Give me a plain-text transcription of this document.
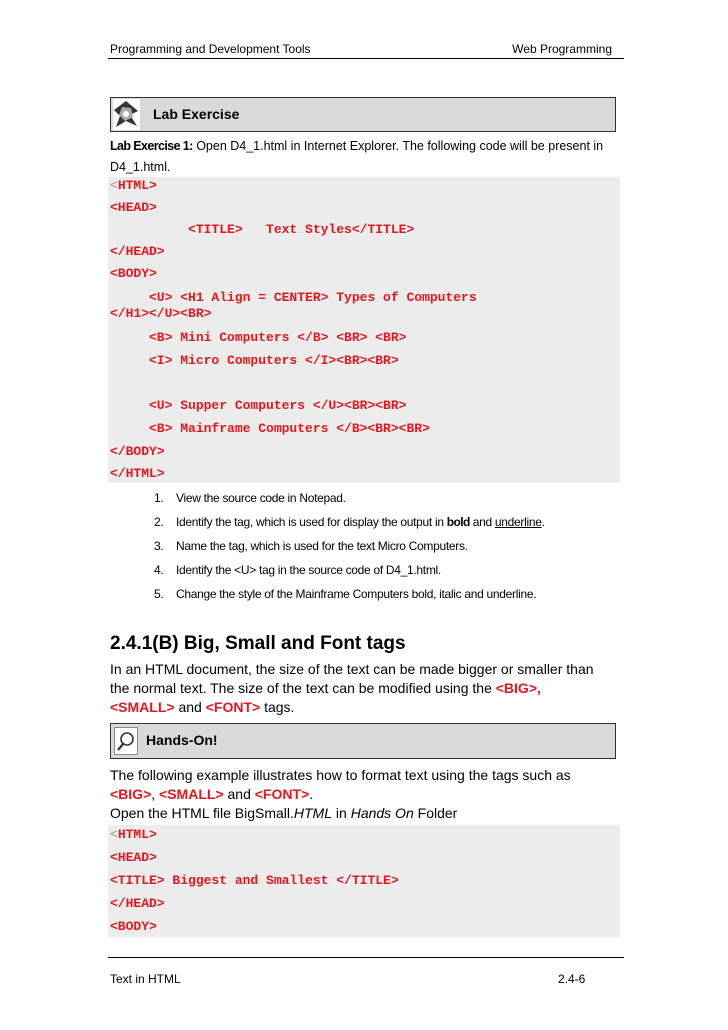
Programming and Development Tools	Web Programming
Lab Exercise
Lab Exercise 1: Open D4_1.html in Internet Explorer. The following code will be present in
D4_1.html.
<HTML>
<HEAD>
<TITLE>   Text Styles</TITLE>
</HEAD>
<BODY>
<U> <H1 Align = CENTER> Types of Computers
</H1></U><BR>
<B> Mini Computers </B> <BR> <BR>
<I> Micro Computers </I><BR><BR>
<U> Supper Computers </U><BR><BR>
<B> Mainframe Computers </B><BR><BR>
</BODY>
</HTML>
1. View the source code in Notepad.
2. Identify the tag, which is used for display the output in bold and underline.
3. Name the tag, which is used for the text Micro Computers.
4. Identify the <U> tag in the source code of D4_1.html.
5. Change the style of the Mainframe Computers bold, italic and underline.
2.4.1(B) Big, Small and Font tags
In an HTML document, the size of the text can be made bigger or smaller than
the normal text. The size of the text can be modified using the <BIG>,
<SMALL> and <FONT> tags.
Hands-On!
The following example illustrates how to format text using the tags such as
<BIG>, <SMALL> and <FONT>.
Open the HTML file BigSmall.HTML in Hands On Folder
<HTML>
<HEAD>
<TITLE> Biggest and Smallest </TITLE>
</HEAD>
<BODY>
Text in HTML	2.4-6
